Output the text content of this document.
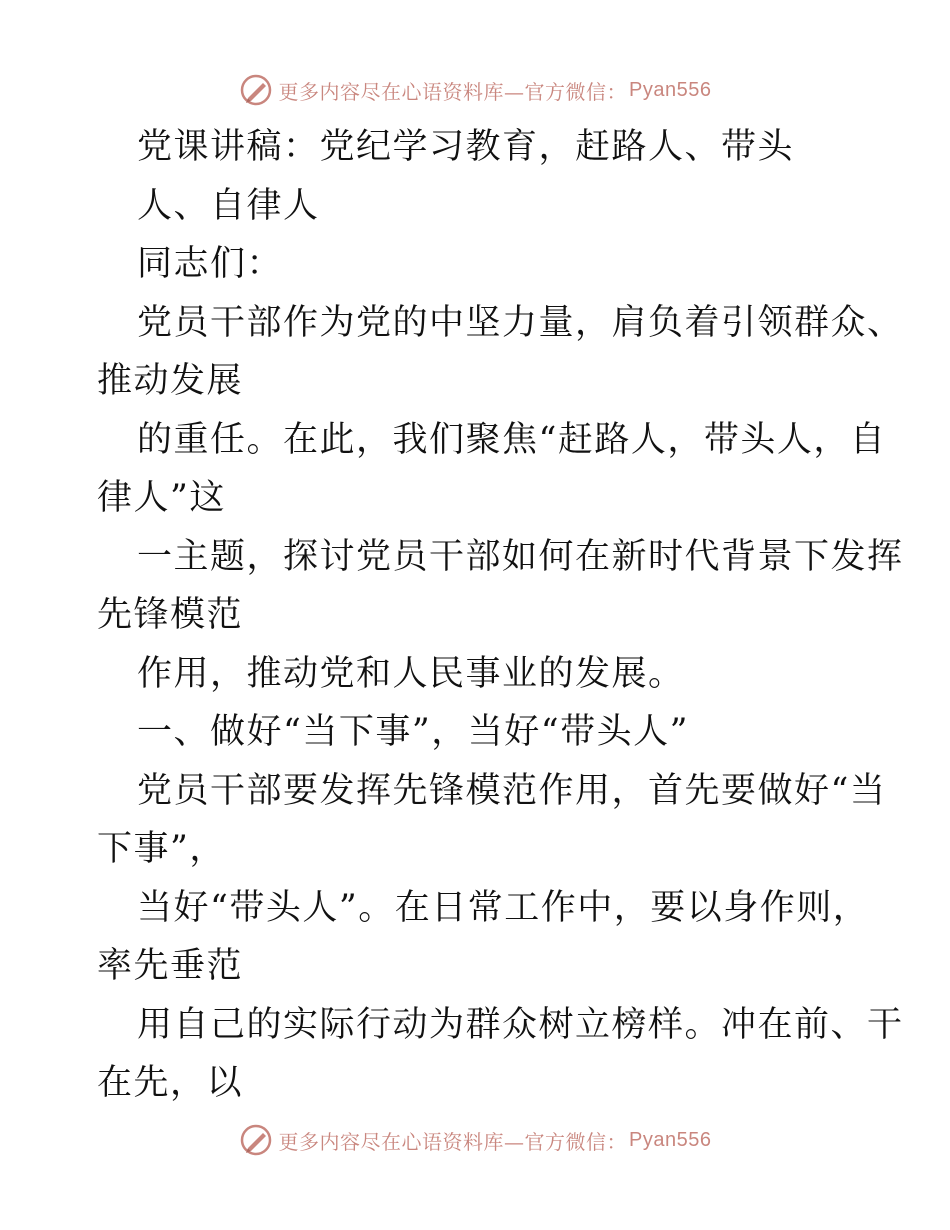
更多内容尽在心语资料库—官方微信： Pyan556
党课讲稿：党纪学习教育，赶路人、带头
人、自律人
同志们：
党员干部作为党的中坚力量，肩负着引领群众、
推动发展
的重任。在此，我们聚焦“赶路人，带头人，自
律人”这
一主题，探讨党员干部如何在新时代背景下发挥
先锋模范
作用，推动党和人民事业的发展。
一、做好“当下事”，当好“带头人”
党员干部要发挥先锋模范作用，首先要做好“当
下事”，
当好“带头人”。在日常工作中，要以身作则，
率先垂范
用自己的实际行动为群众树立榜样。冲在前、干
在先，以
更多内容尽在心语资料库—官方微信： Pyan556
